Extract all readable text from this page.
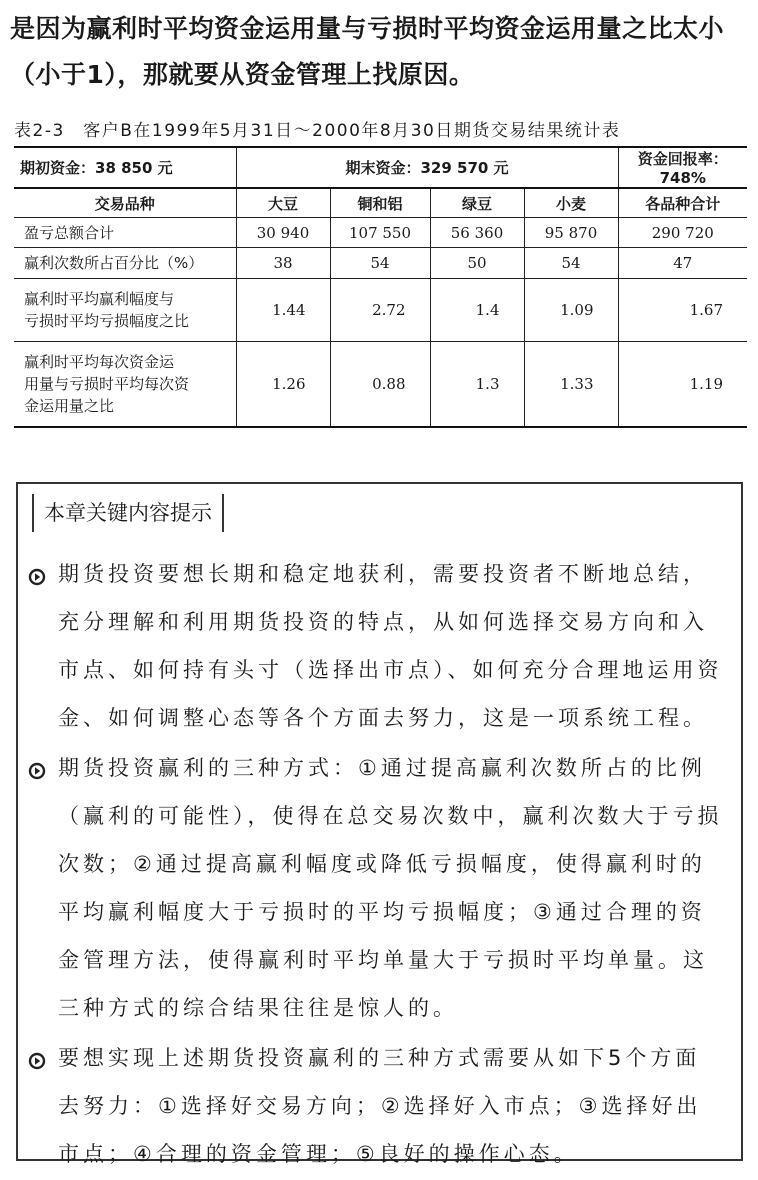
是因为赢利时平均资金运用量与亏损时平均资金运用量之比太小
（小于1），那就要从资金管理上找原因。
表2-3　客户B在1999年5月31日～2000年8月30日期货交易结果统计表
期初资金：38 850 元	期末资金：329 570 元				资金回报率：748%
交易品种	大豆	铜和铝	绿豆	小麦	各品种合计
盈亏总额合计	30 940	107 550	56 360	95 870	290 720
赢利次数所占百分比（%）	38	54	50	54	47

赢利时平均赢利幅度与
亏损时平均亏损幅度之比	1.44	2.72	1.4	1.09	1.67

赢利时平均每次资金运
用量与亏损时平均每次资
金运用量之比	1.26	0.88	1.3	1.33	1.19
本章关键内容提示
期货投资要想长期和稳定地获利，需要投资者不断地总结，
充分理解和利用期货投资的特点，从如何选择交易方向和入
市点、如何持有头寸（选择出市点）、如何充分合理地运用资
金、如何调整心态等各个方面去努力，这是一项系统工程。
期货投资赢利的三种方式：①通过提高赢利次数所占的比例
（赢利的可能性），使得在总交易次数中，赢利次数大于亏损
次数；②通过提高赢利幅度或降低亏损幅度，使得赢利时的
平均赢利幅度大于亏损时的平均亏损幅度；③通过合理的资
金管理方法，使得赢利时平均单量大于亏损时平均单量。这
三种方式的综合结果往往是惊人的。
要想实现上述期货投资赢利的三种方式需要从如下5个方面
去努力：①选择好交易方向；②选择好入市点；③选择好出
市点；④合理的资金管理；⑤良好的操作心态。
